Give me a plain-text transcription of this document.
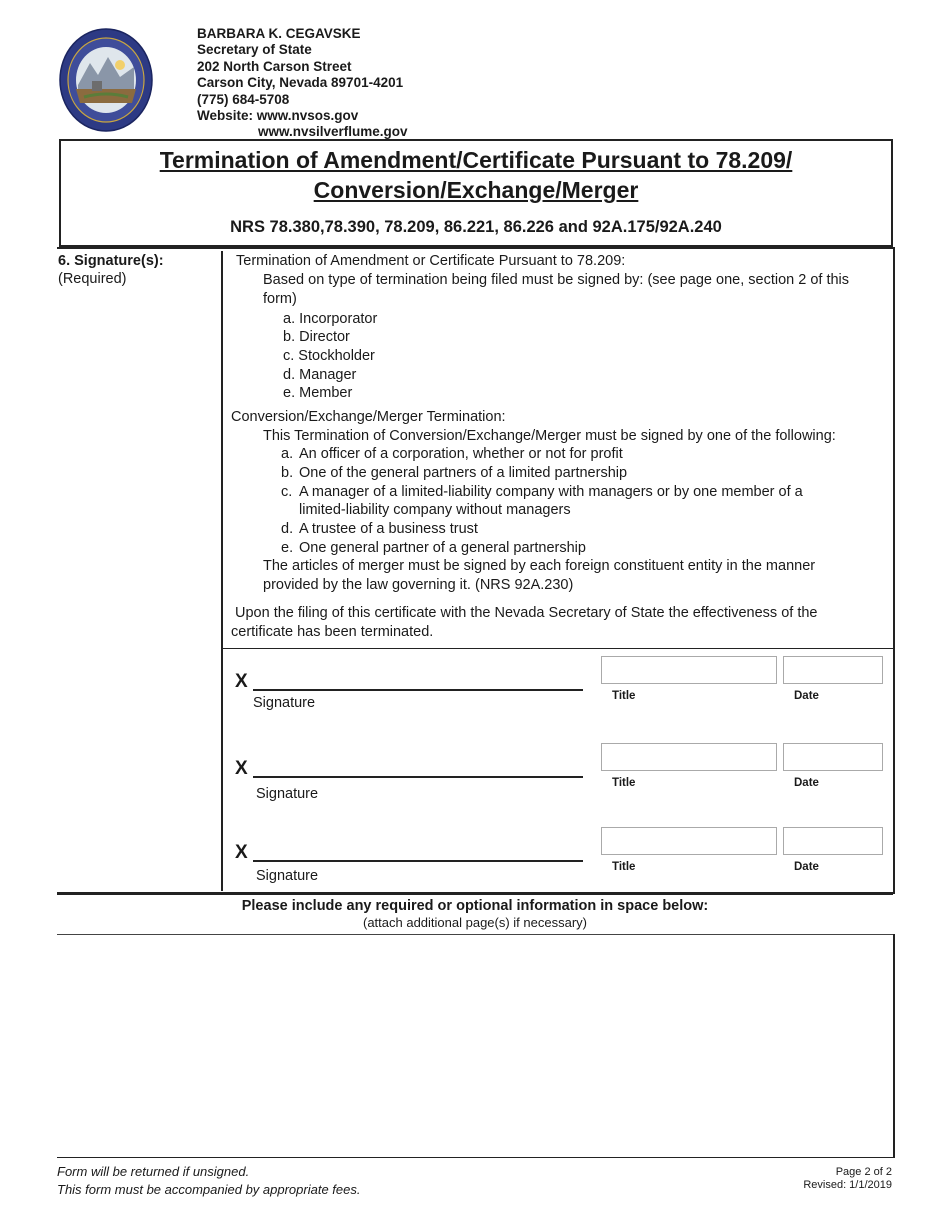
BARBARA K. CEGAVSKE
Secretary of State
202 North Carson Street
Carson City, Nevada 89701-4201
(775) 684-5708
Website: www.nvsos.gov
www.nvsilverflume.gov
Termination of Amendment/Certificate Pursuant to 78.209/
Conversion/Exchange/Merger
NRS 78.380,78.390, 78.209, 86.221, 86.226 and 92A.175/92A.240
6. Signature(s):
(Required)
Termination of Amendment or Certificate Pursuant to 78.209:
Based on type of termination being filed must be signed by: (see page one, section 2 of this
form)
a. Incorporator
b. Director
c. Stockholder
d. Manager
e. Member
Conversion/Exchange/Merger Termination:
This Termination of Conversion/Exchange/Merger must be signed by one of the following:
a. An officer of a corporation, whether or not for profit
b. One of the general partners of a limited partnership
c. A manager of a limited-liability company with managers or by one member of a
limited-liability company without managers
d. A trustee of a business trust
e. One general partner of a general partnership
The articles of merger must be signed by each foreign constituent entity in the manner
provided by the law governing it. (NRS 92A.230)
Upon the filing of this certificate with the Nevada Secretary of State the effectiveness of the
certificate has been terminated.
X
Signature	Title	Date
X
Signature
Title	Date
X
Signature
Title	Date
Please include any required or optional information in space below:
(attach additional page(s) if necessary)
Form will be returned if unsigned.
This form must be accompanied by appropriate fees.
Page 2 of 2
Revised: 1/1/2019
